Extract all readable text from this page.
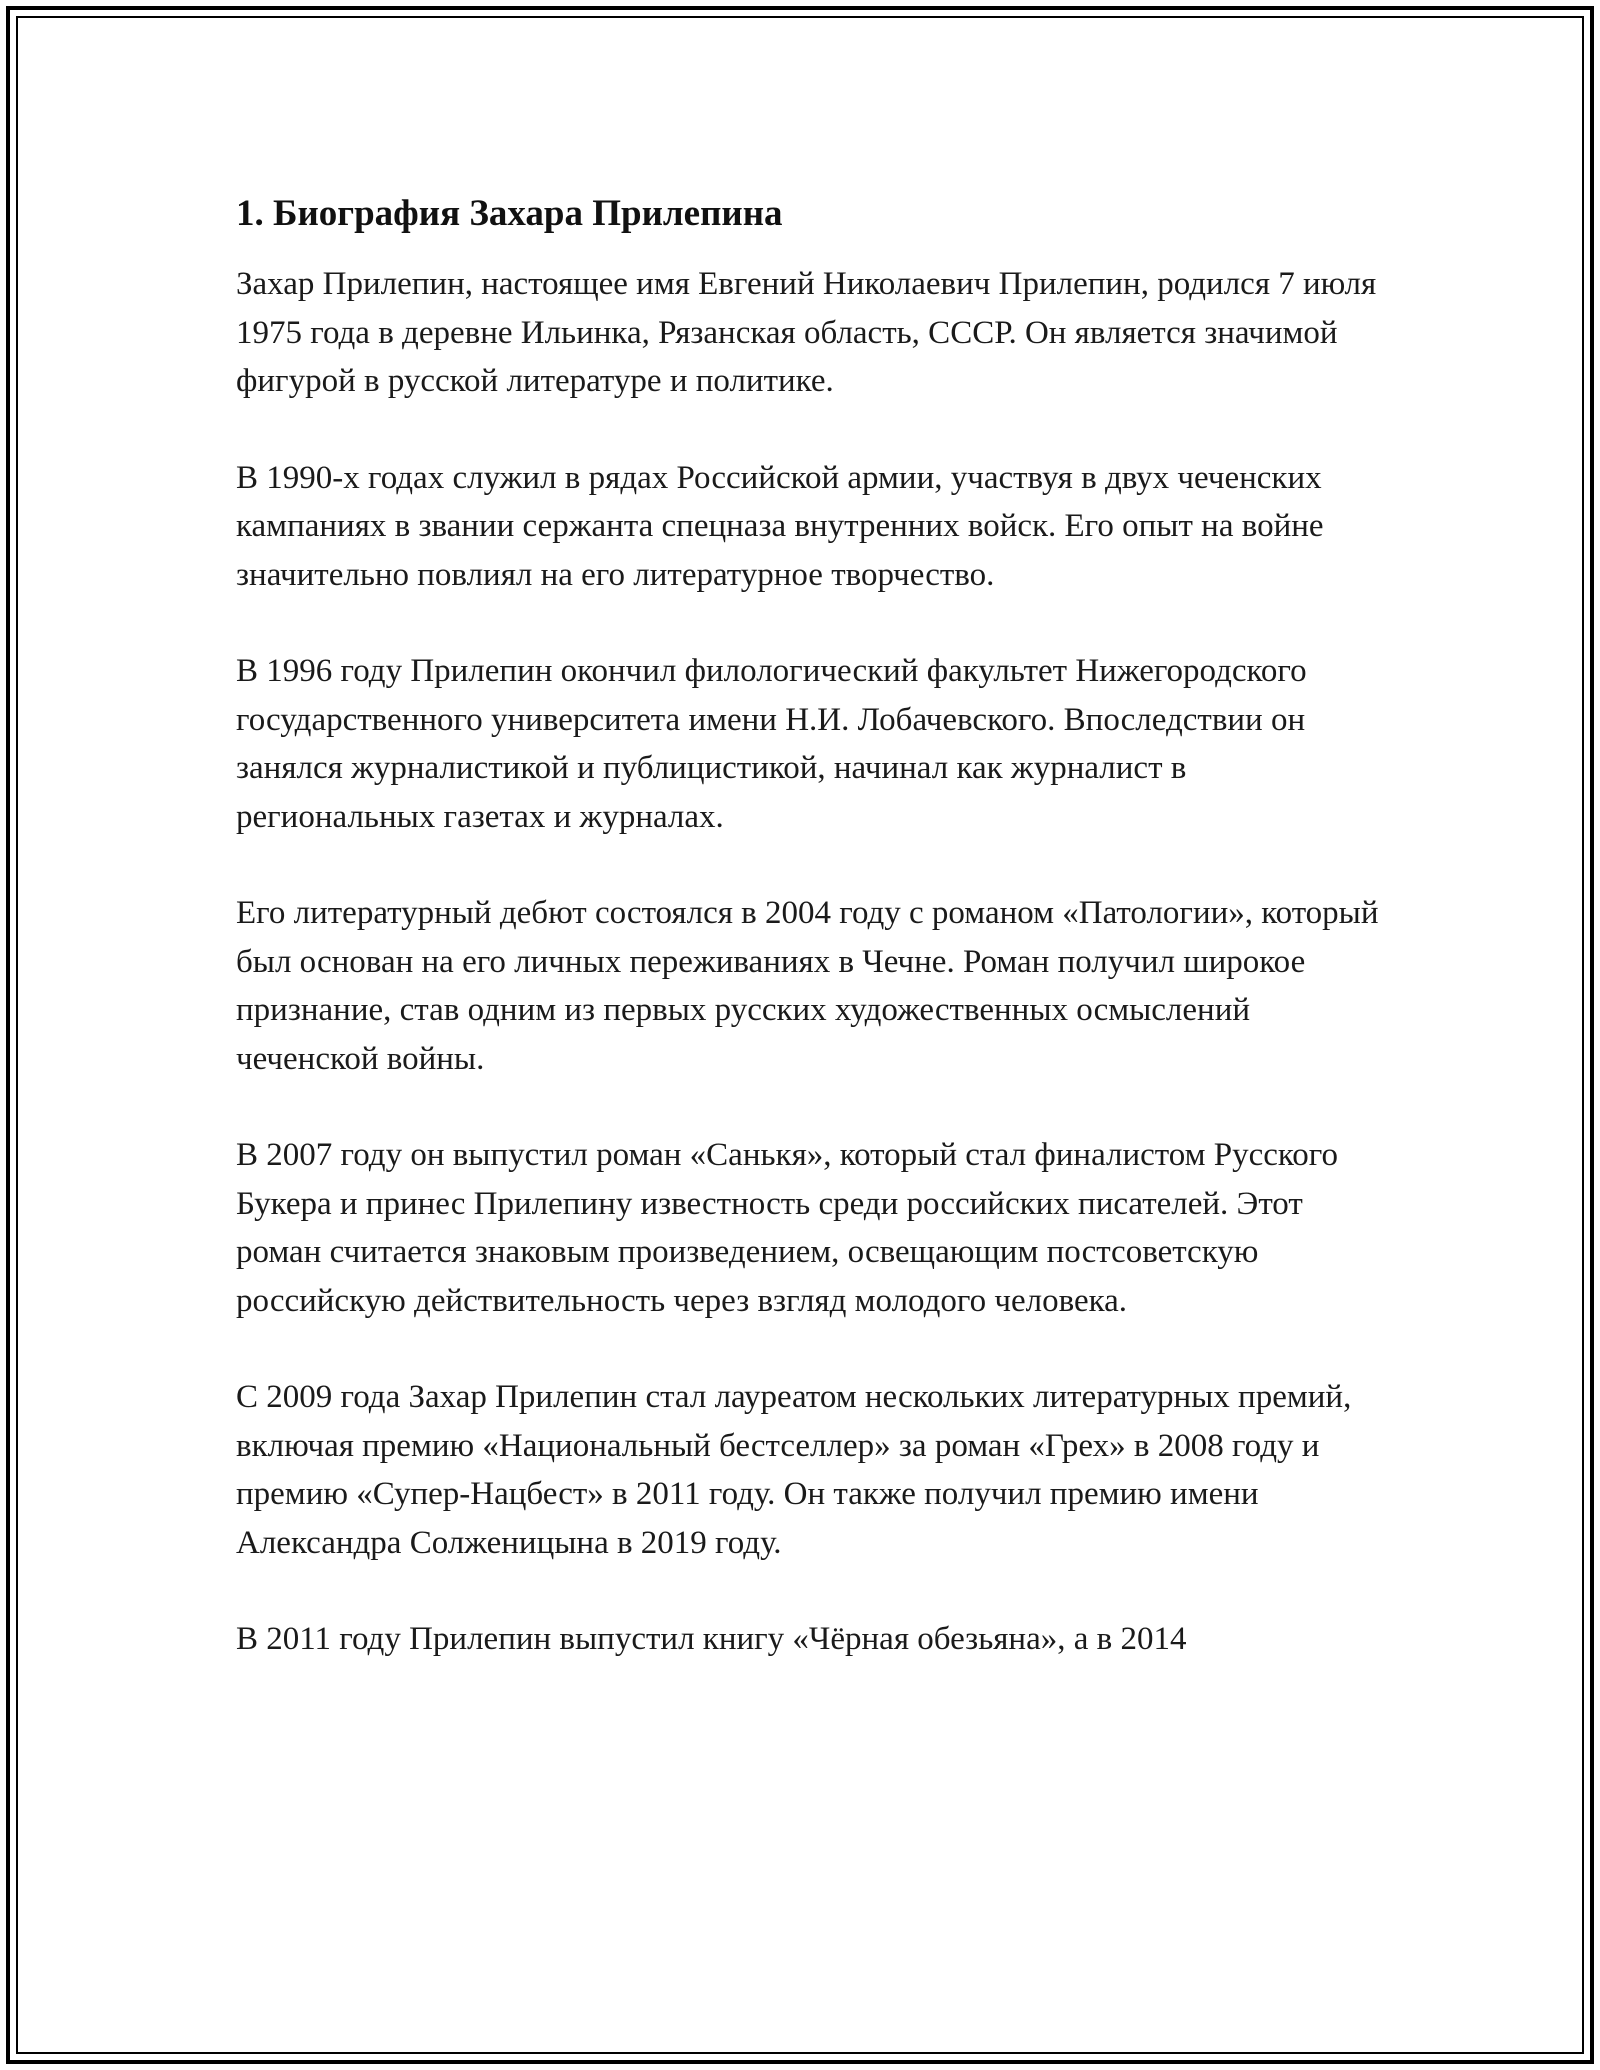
1. Биография Захара Прилепина

Захар Прилепин, настоящее имя Евгений Николаевич Прилепин, родился 7 июля 1975 года в деревне Ильинка, Рязанская область, СССР. Он является значимой фигурой в русской литературе и политике.

В 1990-х годах служил в рядах Российской армии, участвуя в двух чеченских кампаниях в звании сержанта спецназа внутренних войск. Его опыт на войне значительно повлиял на его литературное творчество.

В 1996 году Прилепин окончил филологический факультет Нижегородского государственного университета имени Н.И. Лобачевского. Впоследствии он занялся журналистикой и публицистикой, начинал как журналист в региональных газетах и журналах.

Его литературный дебют состоялся в 2004 году с романом «Патологии», который был основан на его личных переживаниях в Чечне. Роман получил широкое признание, став одним из первых русских художественных осмыслений чеченской войны.

В 2007 году он выпустил роман «Санькя», который стал финалистом Русского Букера и принес Прилепину известность среди российских писателей. Этот роман считается знаковым произведением, освещающим постсоветскую российскую действительность через взгляд молодого человека.

С 2009 года Захар Прилепин стал лауреатом нескольких литературных премий, включая премию «Национальный бестселлер» за роман «Грех» в 2008 году и премию «Супер-Нацбест» в 2011 году. Он также получил премию имени Александра Солженицына в 2019 году.

В 2011 году Прилепин выпустил книгу «Чёрная обезьяна», а в 2014
